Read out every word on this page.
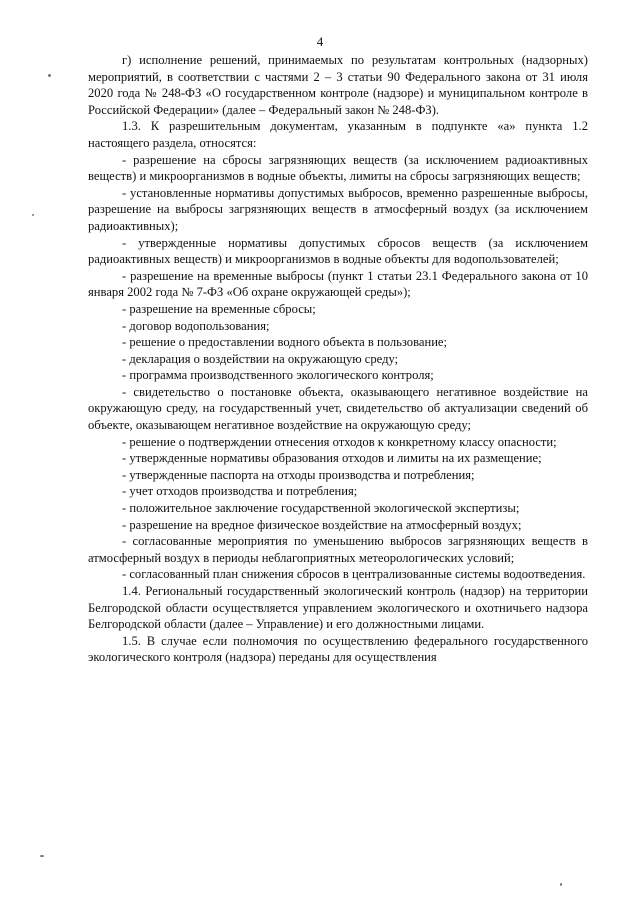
4

г) исполнение решений, принимаемых по результатам контрольных (надзорных) мероприятий, в соответствии с частями 2 – 3 статьи 90 Федерального закона от 31 июля 2020 года № 248-ФЗ «О государственном контроле (надзоре) и муниципальном контроле в Российской Федерации» (далее – Федеральный закон № 248-ФЗ).

1.3. К разрешительным документам, указанным в подпункте «а» пункта 1.2 настоящего раздела, относятся:

- разрешение на сбросы загрязняющих веществ (за исключением радиоактивных веществ) и микроорганизмов в водные объекты, лимиты на сбросы загрязняющих веществ;

- установленные нормативы допустимых выбросов, временно разрешенные выбросы, разрешение на выбросы загрязняющих веществ в атмосферный воздух (за исключением радиоактивных);

- утвержденные нормативы допустимых сбросов веществ (за исключением радиоактивных веществ) и микроорганизмов в водные объекты для водопользователей;

- разрешение на временные выбросы (пункт 1 статьи 23.1 Федерального закона от 10 января 2002 года № 7-ФЗ «Об охране окружающей среды»);

- разрешение на временные сбросы;

- договор водопользования;

- решение о предоставлении водного объекта в пользование;

- декларация о воздействии на окружающую среду;

- программа производственного экологического контроля;

- свидетельство о постановке объекта, оказывающего негативное воздействие на окружающую среду, на государственный учет, свидетельство об актуализации сведений об объекте, оказывающем негативное воздействие на окружающую среду;

- решение о подтверждении отнесения отходов к конкретному классу опасности;

- утвержденные нормативы образования отходов и лимиты на их размещение;

- утвержденные паспорта на отходы производства и потребления;

- учет отходов производства и потребления;

- положительное заключение государственной экологической экспертизы;

- разрешение на вредное физическое воздействие на атмосферный воздух;

- согласованные мероприятия по уменьшению выбросов загрязняющих веществ в атмосферный воздух в периоды неблагоприятных метеорологических условий;

- согласованный план снижения сбросов в централизованные системы водоотведения.

1.4. Региональный государственный экологический контроль (надзор) на территории Белгородской области осуществляется управлением экологического и охотничьего надзора Белгородской области (далее – Управление) и его должностными лицами.

1.5. В случае если полномочия по осуществлению федерального государственного экологического контроля (надзора) переданы для осуществления
